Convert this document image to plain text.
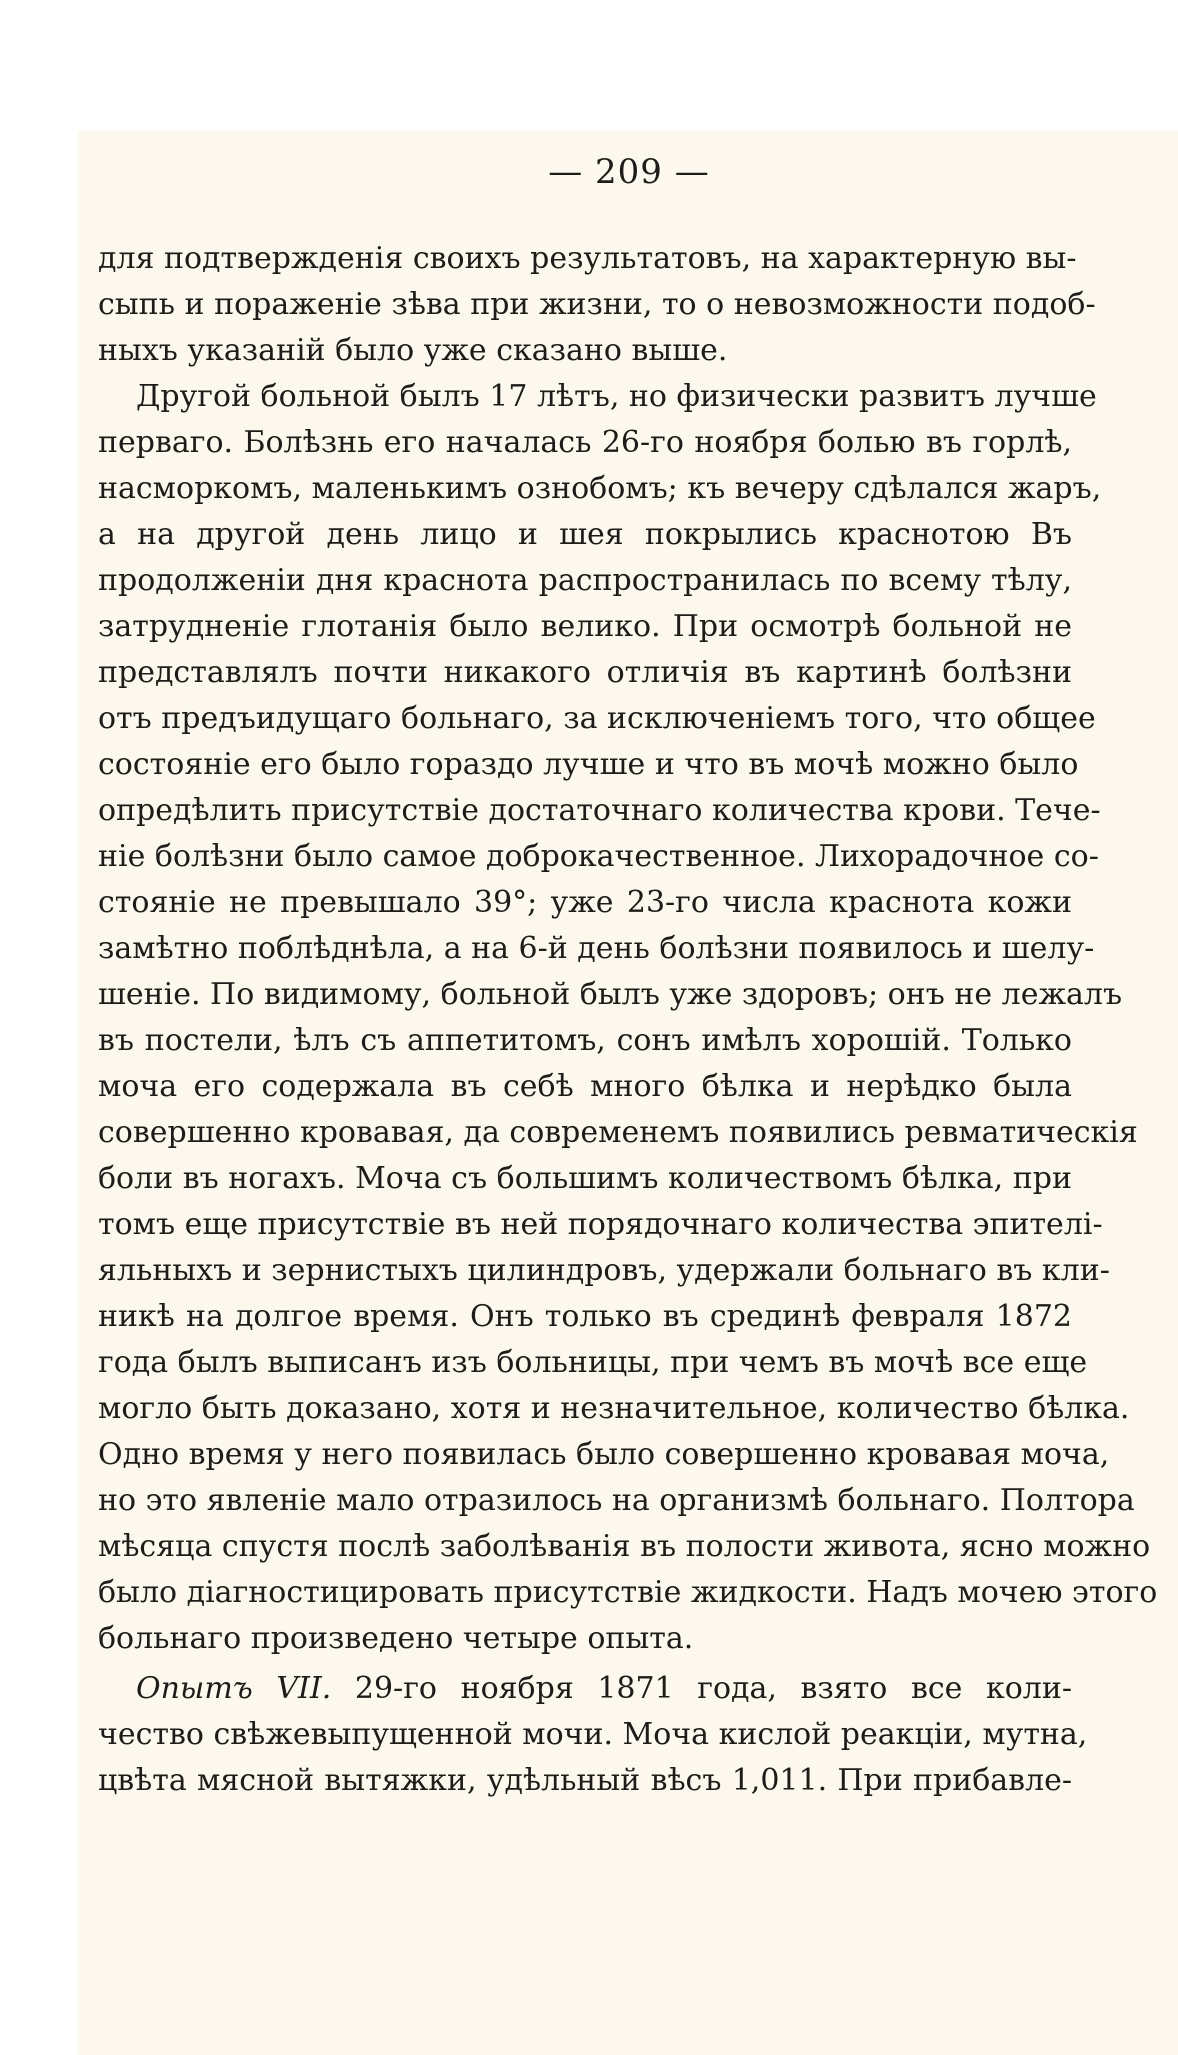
— 209 —
для подтвержденія своихъ результатовъ, на характерную вы-
сыпь и пораженіе зѣва при жизни, то о невозможности подоб-
ныхъ указаній было уже сказано выше.
Другой больной былъ 17 лѣтъ, но физически развитъ лучше
перваго. Болѣзнь его началась 26-го ноября болью въ горлѣ,
насморкомъ, маленькимъ ознобомъ; къ вечеру сдѣлался жаръ,
а на другой день лицо и шея покрылись краснотою Въ
продолженіи дня краснота распространилась по всему тѣлу,
затрудненіе глотанія было велико. При осмотрѣ больной не
представлялъ почти никакого отличія въ картинѣ болѣзни
отъ предъидущаго больнаго, за исключеніемъ того, что общее
состояніе его было гораздо лучше и что въ мочѣ можно было
опредѣлить присутствіе достаточнаго количества крови. Тече-
ніе болѣзни было самое доброкачественное. Лихорадочное со-
стояніе не превышало 39°; уже 23-го числа краснота кожи
замѣтно поблѣднѣла, а на 6-й день болѣзни появилось и шелу-
шеніе. По видимому, больной былъ уже здоровъ; онъ не лежалъ
въ постели, ѣлъ съ аппетитомъ, сонъ имѣлъ хорошій. Только
моча его содержала въ себѣ много бѣлка и нерѣдко была
совершенно кровавая, да современемъ появились ревматическія
боли въ ногахъ. Моча съ большимъ количествомъ бѣлка, при
томъ еще присутствіе въ ней порядочнаго количества эпителі-
яльныхъ и зернистыхъ цилиндровъ, удержали больнаго въ кли-
никѣ на долгое время. Онъ только въ срединѣ февраля 1872
года былъ выписанъ изъ больницы, при чемъ въ мочѣ все еще
могло быть доказано, хотя и незначительное, количество бѣлка.
Одно время у него появилась было совершенно кровавая моча,
но это явленіе мало отразилось на организмѣ больнаго. Полтора
мѣсяца спустя послѣ заболѣванія въ полости живота, ясно можно
было діагностицировать присутствіе жидкости. Надъ мочею этого
больнаго произведено четыре опыта.
Опытъ VII. 29-го ноября 1871 года, взято все коли-
чество свѣжевыпущенной мочи. Моча кислой реакціи, мутна,
цвѣта мясной вытяжки, удѣльный вѣсъ 1,011. При прибавле-
